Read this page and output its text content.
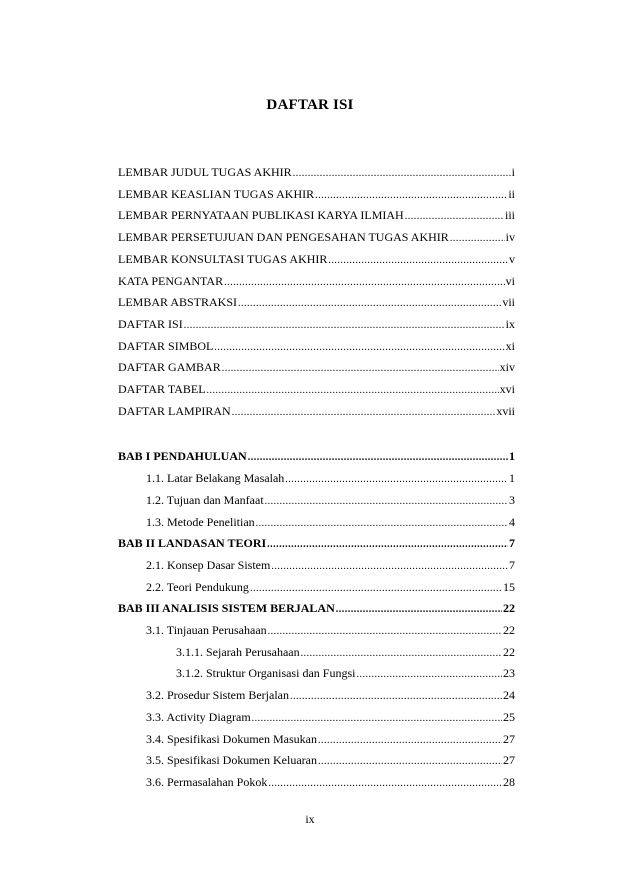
DAFTAR ISI
LEMBAR JUDUL TUGAS AKHIR .....	i
LEMBAR KEASLIAN TUGAS AKHIR .....	ii
LEMBAR PERNYATAAN PUBLIKASI KARYA ILMIAH .....	iii
LEMBAR PERSETUJUAN DAN PENGESAHAN TUGAS AKHIR .....	iv
LEMBAR KONSULTASI TUGAS AKHIR .....	v
KATA PENGANTAR .....	vi
LEMBAR ABSTRAKSI .....	vii
DAFTAR ISI .....	ix
DAFTAR SIMBOL .....	xi
DAFTAR GAMBAR .....	xiv
DAFTAR TABEL .....	xvi
DAFTAR LAMPIRAN .....	xvii
BAB I PENDAHULUAN .....	1
1.1. Latar Belakang Masalah .....	1
1.2. Tujuan dan Manfaat .....	3
1.3. Metode Penelitian .....	4
BAB II LANDASAN TEORI .....	7
2.1. Konsep Dasar Sistem .....	7
2.2. Teori Pendukung .....	15
BAB III ANALISIS SISTEM BERJALAN .....	22
3.1. Tinjauan Perusahaan .....	22
3.1.1. Sejarah Perusahaan .....	22
3.1.2. Struktur Organisasi dan Fungsi .....	23
3.2. Prosedur Sistem Berjalan .....	24
3.3. Activity Diagram .....	25
3.4. Spesifikasi Dokumen Masukan .....	27
3.5. Spesifikasi Dokumen Keluaran .....	27
3.6. Permasalahan Pokok .....	28
ix
